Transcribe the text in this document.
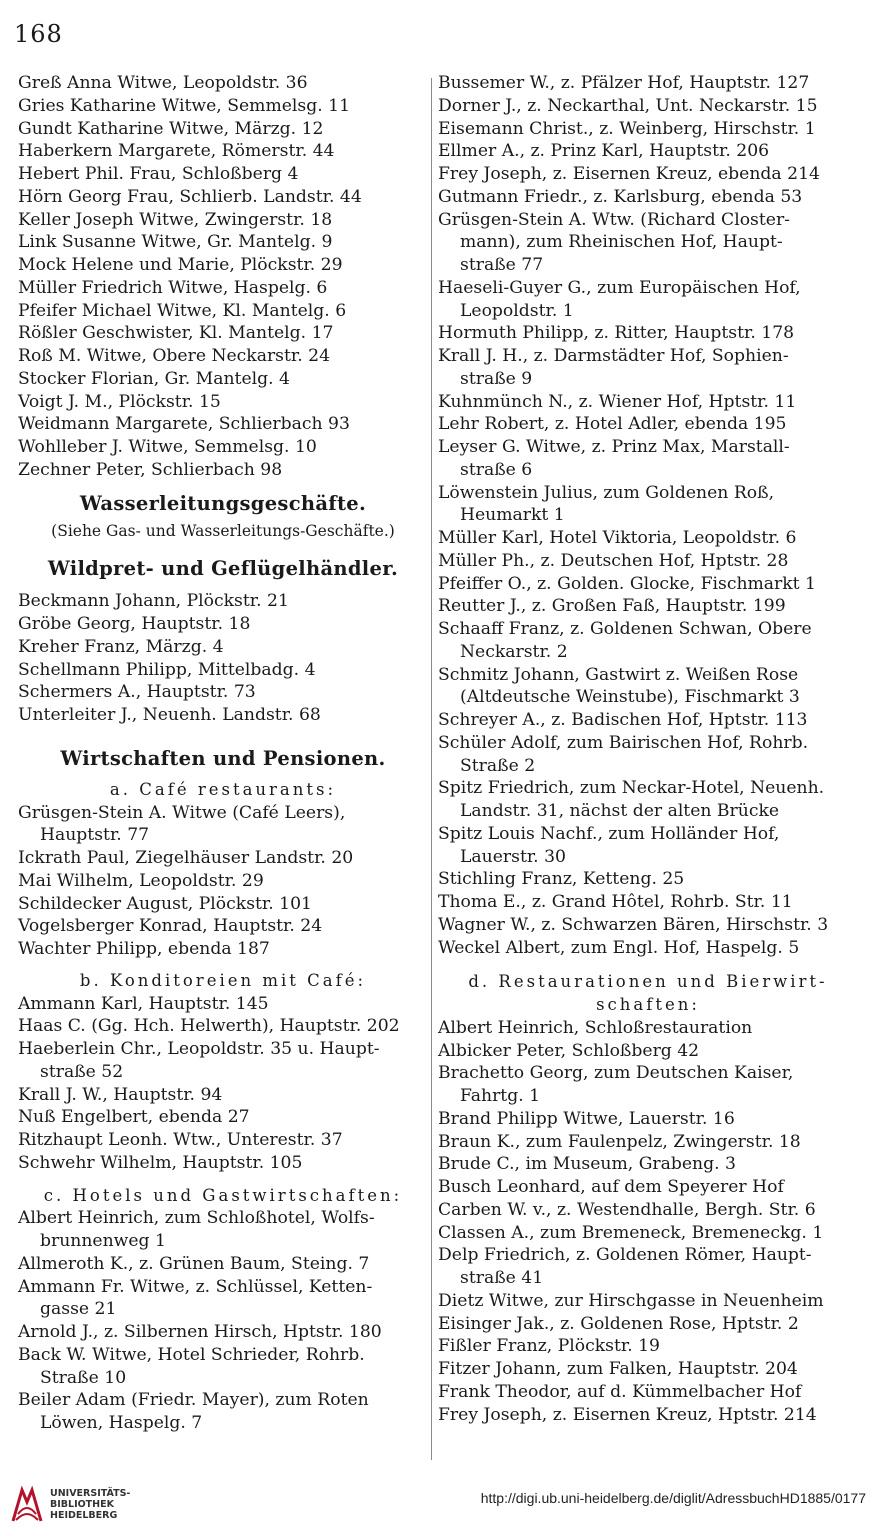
168
Greß Anna Witwe, Leopoldstr. 36
Gries Katharine Witwe, Semmelsg. 11
Gundt Katharine Witwe, Märzg. 12
Haberkern Margarete, Römerstr. 44
Hebert Phil. Frau, Schloßberg 4
Hörn Georg Frau, Schlierb. Landstr. 44
Keller Joseph Witwe, Zwingerstr. 18
Link Susanne Witwe, Gr. Mantelg. 9
Mock Helene und Marie, Plöckstr. 29
Müller Friedrich Witwe, Haspelg. 6
Pfeifer Michael Witwe, Kl. Mantelg. 6
Rößler Geschwister, Kl. Mantelg. 17
Roß M. Witwe, Obere Neckarstr. 24
Stocker Florian, Gr. Mantelg. 4
Voigt J. M., Plöckstr. 15
Weidmann Margarete, Schlierbach 93
Wohlleber J. Witwe, Semmelsg. 10
Zechner Peter, Schlierbach 98
Wasserleitungsgeschäfte.
(Siehe Gas- und Wasserleitungs-Geschäfte.)
Wildpret- und Geflügelhändler.
Beckmann Johann, Plöckstr. 21
Gröbe Georg, Hauptstr. 18
Kreher Franz, Märzg. 4
Schellmann Philipp, Mittelbadg. 4
Schermers A., Hauptstr. 73
Unterleiter J., Neuenh. Landstr. 68
Wirtschaften und Pensionen.
a. Café restaurants:
Grüsgen-Stein A. Witwe (Café Leers),
Hauptstr. 77
Ickrath Paul, Ziegelhäuser Landstr. 20
Mai Wilhelm, Leopoldstr. 29
Schildecker August, Plöckstr. 101
Vogelsberger Konrad, Hauptstr. 24
Wachter Philipp, ebenda 187
b. Konditoreien mit Café:
Ammann Karl, Hauptstr. 145
Haas C. (Gg. Hch. Helwerth), Hauptstr. 202
Haeberlein Chr., Leopoldstr. 35 u. Haupt-
straße 52
Krall J. W., Hauptstr. 94
Nuß Engelbert, ebenda 27
Ritzhaupt Leonh. Wtw., Unterestr. 37
Schwehr Wilhelm, Hauptstr. 105
c. Hotels und Gastwirtschaften:
Albert Heinrich, zum Schloßhotel, Wolfs-
brunnenweg 1
Allmeroth K., z. Grünen Baum, Steing. 7
Ammann Fr. Witwe, z. Schlüssel, Ketten-
gasse 21
Arnold J., z. Silbernen Hirsch, Hptstr. 180
Back W. Witwe, Hotel Schrieder, Rohrb.
Straße 10
Beiler Adam (Friedr. Mayer), zum Roten
Löwen, Haspelg. 7
Bussemer W., z. Pfälzer Hof, Hauptstr. 127
Dorner J., z. Neckarthal, Unt. Neckarstr. 15
Eisemann Christ., z. Weinberg, Hirschstr. 1
Ellmer A., z. Prinz Karl, Hauptstr. 206
Frey Joseph, z. Eisernen Kreuz, ebenda 214
Gutmann Friedr., z. Karlsburg, ebenda 53
Grüsgen-Stein A. Wtw. (Richard Closter-
mann), zum Rheinischen Hof, Haupt-
straße 77
Haeseli-Guyer G., zum Europäischen Hof,
Leopoldstr. 1
Hormuth Philipp, z. Ritter, Hauptstr. 178
Krall J. H., z. Darmstädter Hof, Sophien-
straße 9
Kuhnmünch N., z. Wiener Hof, Hptstr. 11
Lehr Robert, z. Hotel Adler, ebenda 195
Leyser G. Witwe, z. Prinz Max, Marstall-
straße 6
Löwenstein Julius, zum Goldenen Roß,
Heumarkt 1
Müller Karl, Hotel Viktoria, Leopoldstr. 6
Müller Ph., z. Deutschen Hof, Hptstr. 28
Pfeiffer O., z. Golden. Glocke, Fischmarkt 1
Reutter J., z. Großen Faß, Hauptstr. 199
Schaaff Franz, z. Goldenen Schwan, Obere
Neckarstr. 2
Schmitz Johann, Gastwirt z. Weißen Rose
(Altdeutsche Weinstube), Fischmarkt 3
Schreyer A., z. Badischen Hof, Hptstr. 113
Schüler Adolf, zum Bairischen Hof, Rohrb.
Straße 2
Spitz Friedrich, zum Neckar-Hotel, Neuenh.
Landstr. 31, nächst der alten Brücke
Spitz Louis Nachf., zum Holländer Hof,
Lauerstr. 30
Stichling Franz, Ketteng. 25
Thoma E., z. Grand Hôtel, Rohrb. Str. 11
Wagner W., z. Schwarzen Bären, Hirschstr. 3
Weckel Albert, zum Engl. Hof, Haspelg. 5
d. Restaurationen und Bierwirt-
schaften:
Albert Heinrich, Schloßrestauration
Albicker Peter, Schloßberg 42
Brachetto Georg, zum Deutschen Kaiser,
Fahrtg. 1
Brand Philipp Witwe, Lauerstr. 16
Braun K., zum Faulenpelz, Zwingerstr. 18
Brude C., im Museum, Grabeng. 3
Busch Leonhard, auf dem Speyerer Hof
Carben W. v., z. Westendhalle, Bergh. Str. 6
Classen A., zum Bremeneck, Bremeneckg. 1
Delp Friedrich, z. Goldenen Römer, Haupt-
straße 41
Dietz Witwe, zur Hirschgasse in Neuenheim
Eisinger Jak., z. Goldenen Rose, Hptstr. 2
Fißler Franz, Plöckstr. 19
Fitzer Johann, zum Falken, Hauptstr. 204
Frank Theodor, auf d. Kümmelbacher Hof
Frey Joseph, z. Eisernen Kreuz, Hptstr. 214
UNIVERSITÄTS-
BIBLIOTHEK
HEIDELBERG
http://digi.ub.uni-heidelberg.de/diglit/AdressbuchHD1885/0177
